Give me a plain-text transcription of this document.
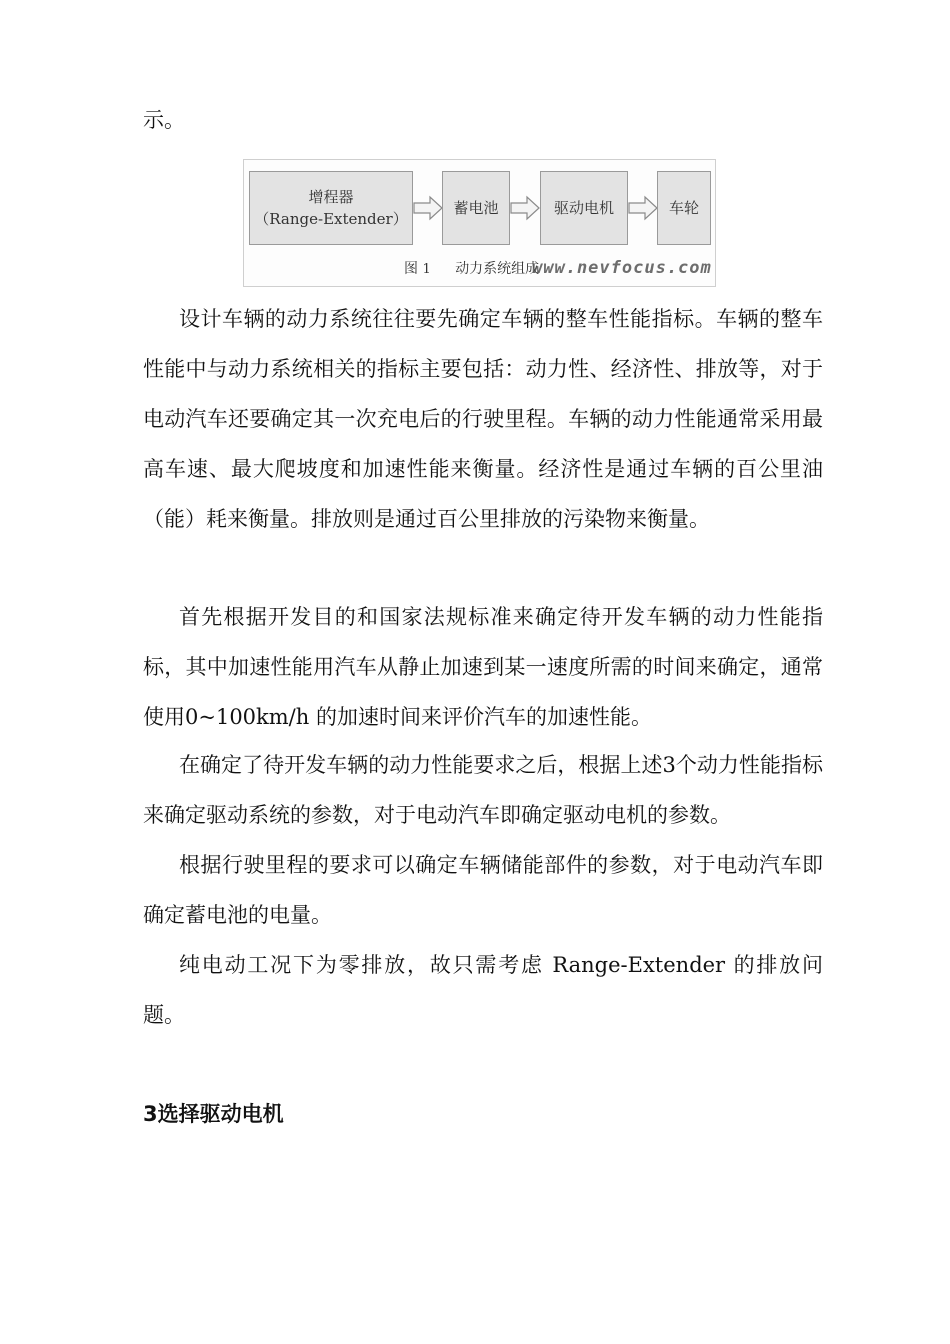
示。
增程器
（Range-Extender）
蓄电池	驱动电机	车轮
图 1 动力系统组成
www.nevfocus.com

设计车辆的动力系统往往要先确定车辆的整车性能指标。车辆的整车性能中与动力系统相关的指标主要包括：动力性、经济性、排放等，对于电动汽车还要确定其一次充电后的行驶里程。车辆的动力性能通常采用最高车速、最大爬坡度和加速性能来衡量。经济性是通过车辆的百公里油（能）耗来衡量。排放则是通过百公里排放的污染物来衡量。

首先根据开发目的和国家法规标准来确定待开发车辆的动力性能指标，其中加速性能用汽车从静止加速到某一速度所需的时间来确定，通常使用0~100km/h 的加速时间来评价汽车的加速性能。

在确定了待开发车辆的动力性能要求之后，根据上述3个动力性能指标来确定驱动系统的参数，对于电动汽车即确定驱动电机的参数。

根据行驶里程的要求可以确定车辆储能部件的参数，对于电动汽车即确定蓄电池的电量。

纯电动工况下为零排放，故只需考虑 Range-Extender 的排放问题。

3选择驱动电机
